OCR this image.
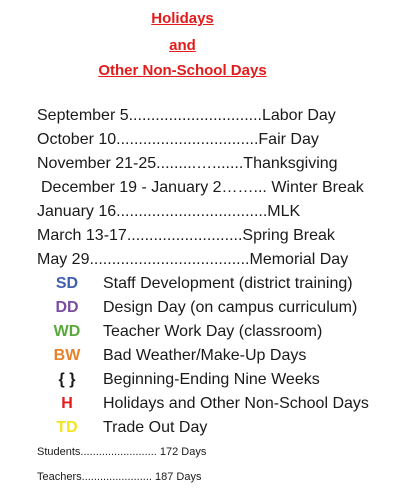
Holidays
and
Other Non-School Days
September 5..............................Labor Day
October 10................................Fair Day
November 21-25.........….......Thanksgiving
December 19 - January 2……... Winter Break
January 16..................................MLK
March 13-17..........................Spring Break
May 29....................................Memorial Day
SD	Staff Development (district training)
DD	Design Day (on campus curriculum)
WD	Teacher Work Day (classroom)
BW	Bad Weather/Make-Up Days
{ }	Beginning-Ending Nine Weeks
H	Holidays and Other Non-School Days
TD	Trade Out Day
Students......................... 172 Days
Teachers....................... 187 Days
